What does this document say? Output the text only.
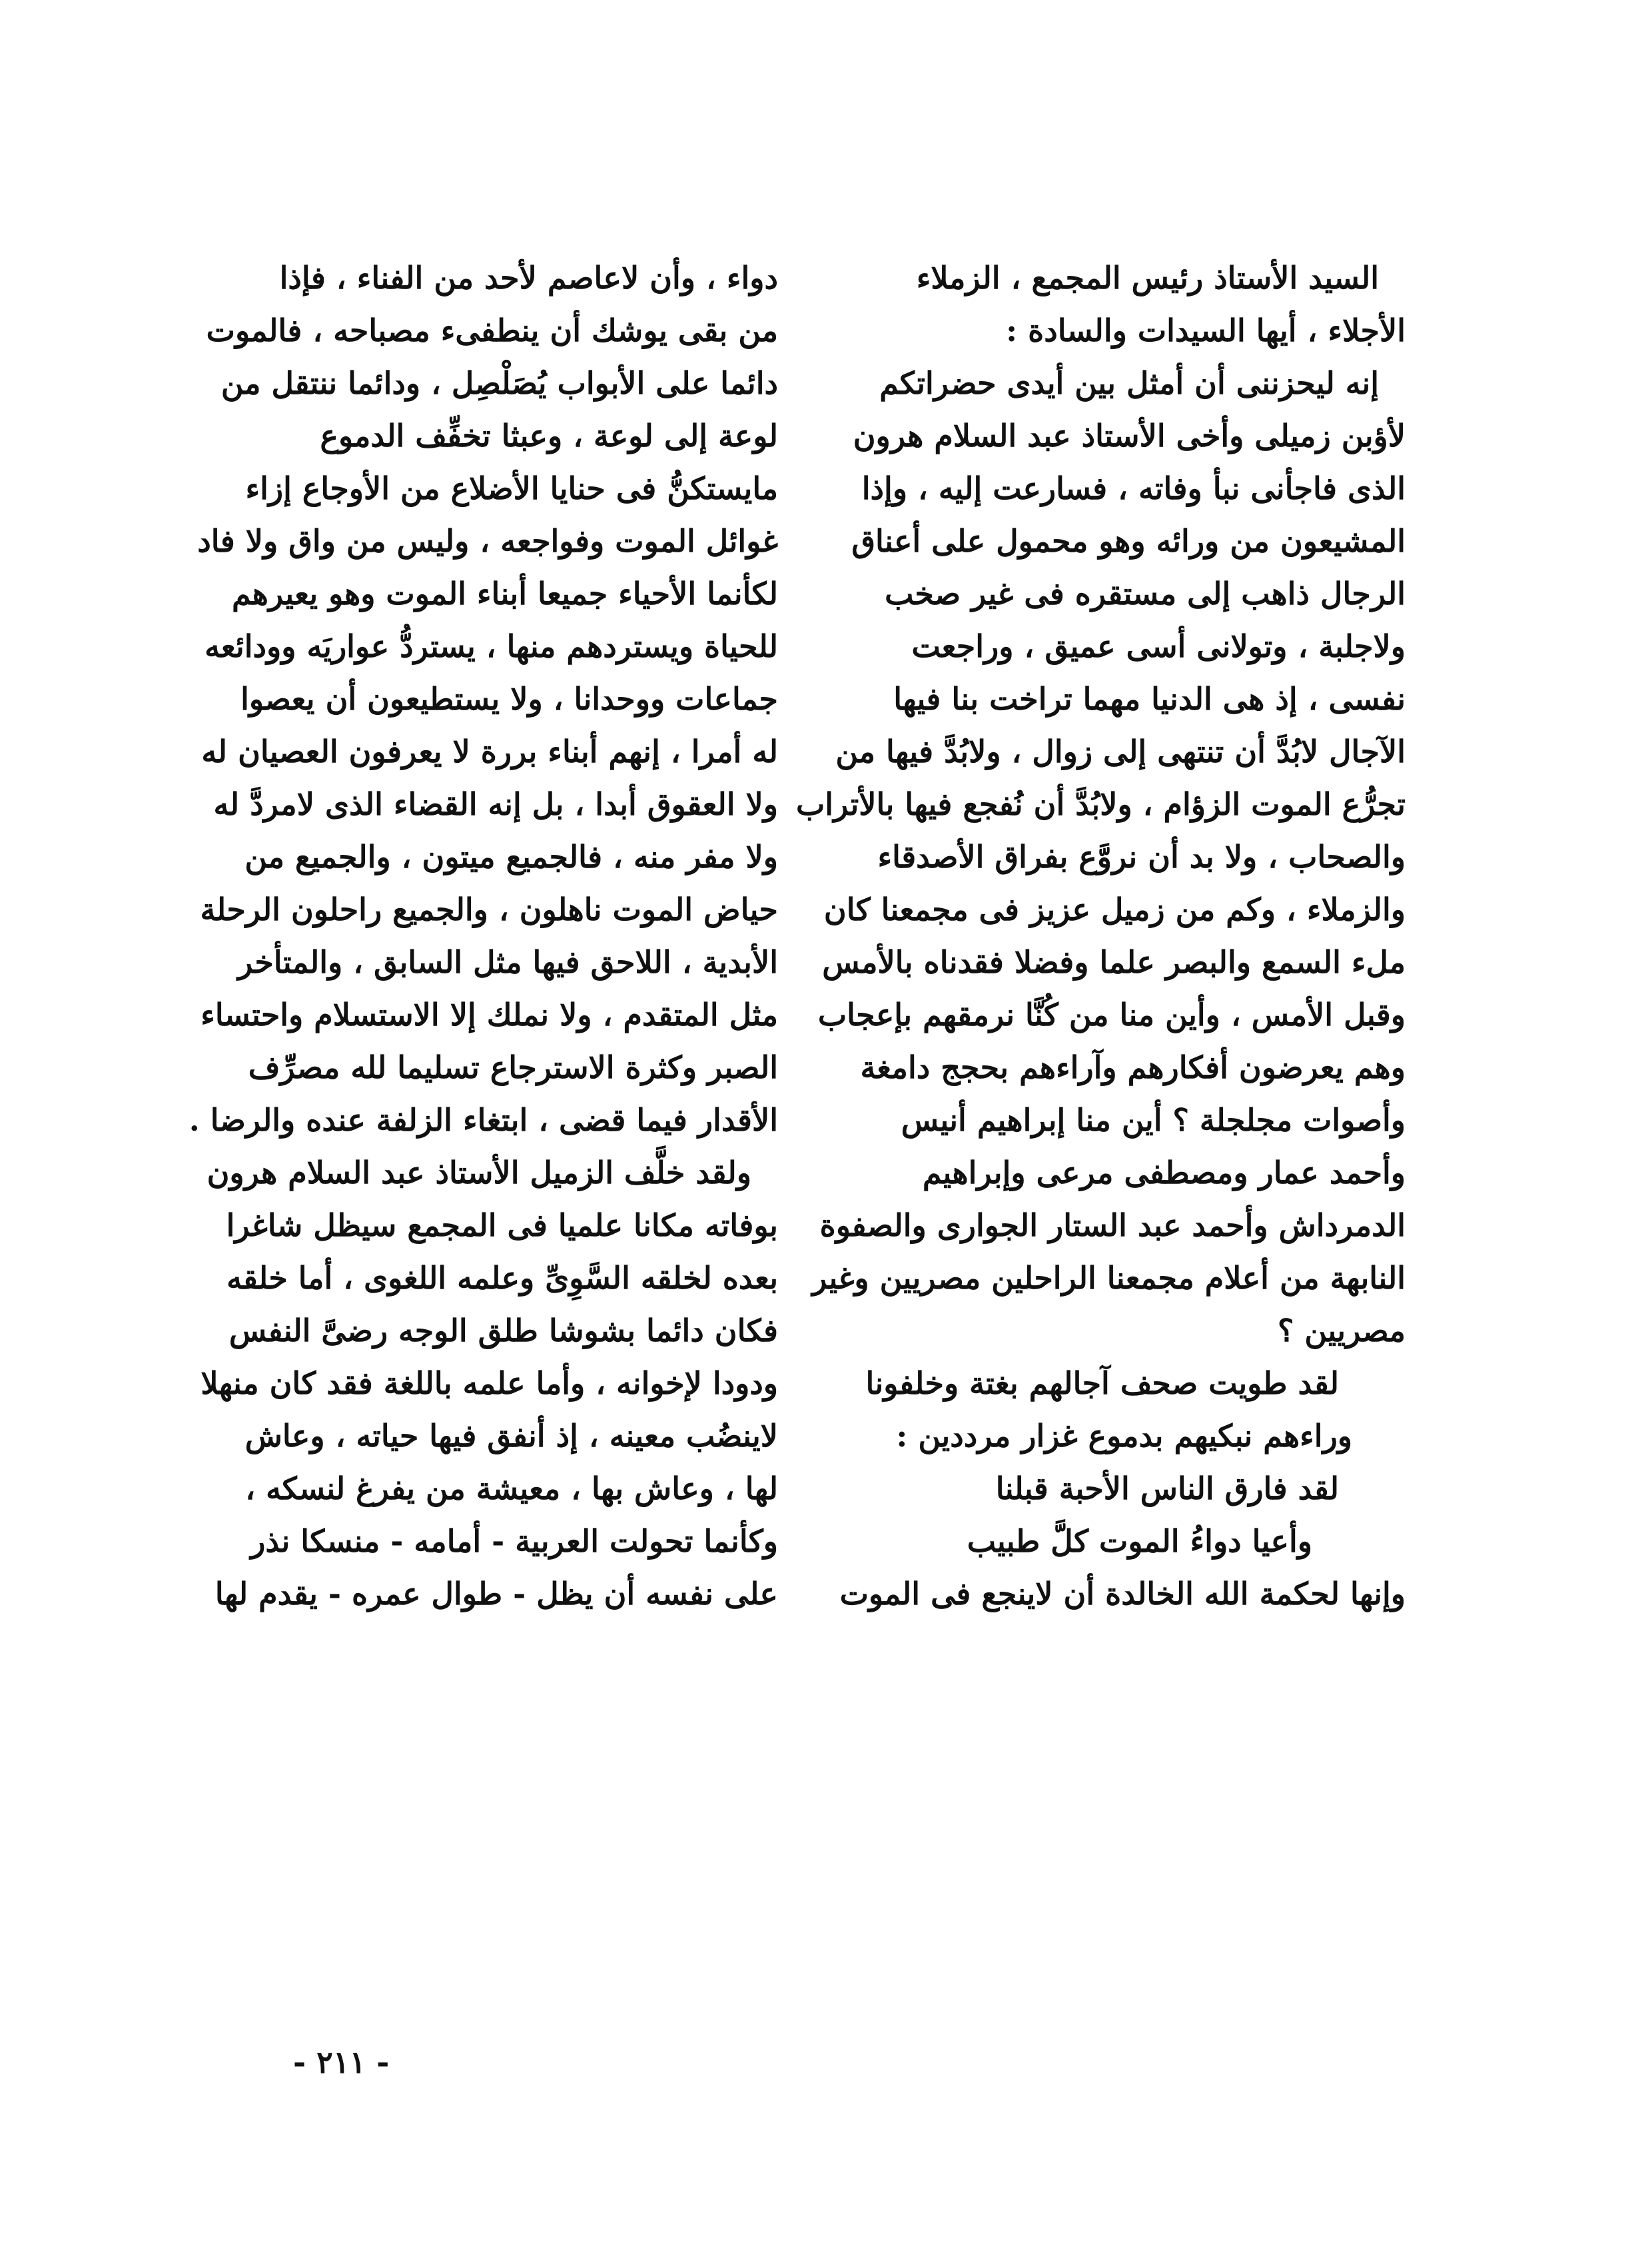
السيد الأستاذ رئيس المجمع ، الزملاء
الأجلاء ، أيها السيدات والسادة :
إنه ليحزننى أن أمثل بين أيدى حضراتكم
لأؤبن زميلى وأخى الأستاذ عبد السلام هرون
الذى فاجأنى نبأ وفاته ، فسارعت إليه ، وإذا
المشيعون من ورائه وهو محمول على أعناق
الرجال ذاهب إلى مستقره فى غير صخب
ولاجلبة ، وتولانى أسى عميق ، وراجعت
نفسى ، إذ هى الدنيا مهما تراخت بنا فيها
الآجال لابُدَّ أن تنتهى إلى زوال ، ولابُدَّ فيها من
تجرُّع الموت الزؤام ، ولابُدَّ أن نُفجع فيها بالأتراب
والصحاب ، ولا بد أن نروَّع بفراق الأصدقاء
والزملاء ، وكم من زميل عزيز فى مجمعنا كان
ملء السمع والبصر علما وفضلا فقدناه بالأمس
وقبل الأمس ، وأين منا من كُنَّا نرمقهم بإعجاب
وهم يعرضون أفكارهم وآراءهم بحجج دامغة
وأصوات مجلجلة ؟ أين منا إبراهيم أنيس
وأحمد عمار ومصطفى مرعى وإبراهيم
الدمرداش وأحمد عبد الستار الجوارى والصفوة
النابهة من أعلام مجمعنا الراحلين مصريين وغير
مصريين ؟
لقد طويت صحف آجالهم بغتة وخلفونا
وراءهم نبكيهم بدموع غزار مرددين :
لقد فارق الناس الأحبة قبلنا
وأعيا دواءُ الموت كلَّ طبيب
وإنها لحكمة الله الخالدة أن لاينجع فى الموت
دواء ، وأن لاعاصم لأحد من الفناء ، فإذا
من بقى يوشك أن ينطفىء مصباحه ، فالموت
دائما على الأبواب يُصَلْصِل ، ودائما ننتقل من
لوعة إلى لوعة ، وعبثا تخفِّف الدموع
مايستكنُّ فى حنايا الأضلاع من الأوجاع إزاء
غوائل الموت وفواجعه ، وليس من واق ولا فاد
لكأنما الأحياء جميعا أبناء الموت وهو يعيرهم
للحياة ويستردهم منها ، يستردُّ عواريَه وودائعه
جماعات ووحدانا ، ولا يستطيعون أن يعصوا
له أمرا ، إنهم أبناء بررة لا يعرفون العصيان له
ولا العقوق أبدا ، بل إنه القضاء الذى لامردَّ له
ولا مفر منه ، فالجميع ميتون ، والجميع من
حياض الموت ناهلون ، والجميع راحلون الرحلة
الأبدية ، اللاحق فيها مثل السابق ، والمتأخر
مثل المتقدم ، ولا نملك إلا الاستسلام واحتساء
الصبر وكثرة الاسترجاع تسليما لله مصرِّف
الأقدار فيما قضى ، ابتغاء الزلفة عنده والرضا .
ولقد خلَّف الزميل الأستاذ عبد السلام هرون
بوفاته مكانا علميا فى المجمع سيظل شاغرا
بعده لخلقه السَّوِىِّ وعلمه اللغوى ، أما خلقه
فكان دائما بشوشا طلق الوجه رضىَّ النفس
ودودا لإخوانه ، وأما علمه باللغة فقد كان منهلا
لاينضُب معينه ، إذ أنفق فيها حياته ، وعاش
لها ، وعاش بها ، معيشة من يفرغ لنسكه ،
وكأنما تحولت العربية - أمامه - منسكا نذر
على نفسه أن يظل - طوال عمره - يقدم لها
- ٢١١ -
